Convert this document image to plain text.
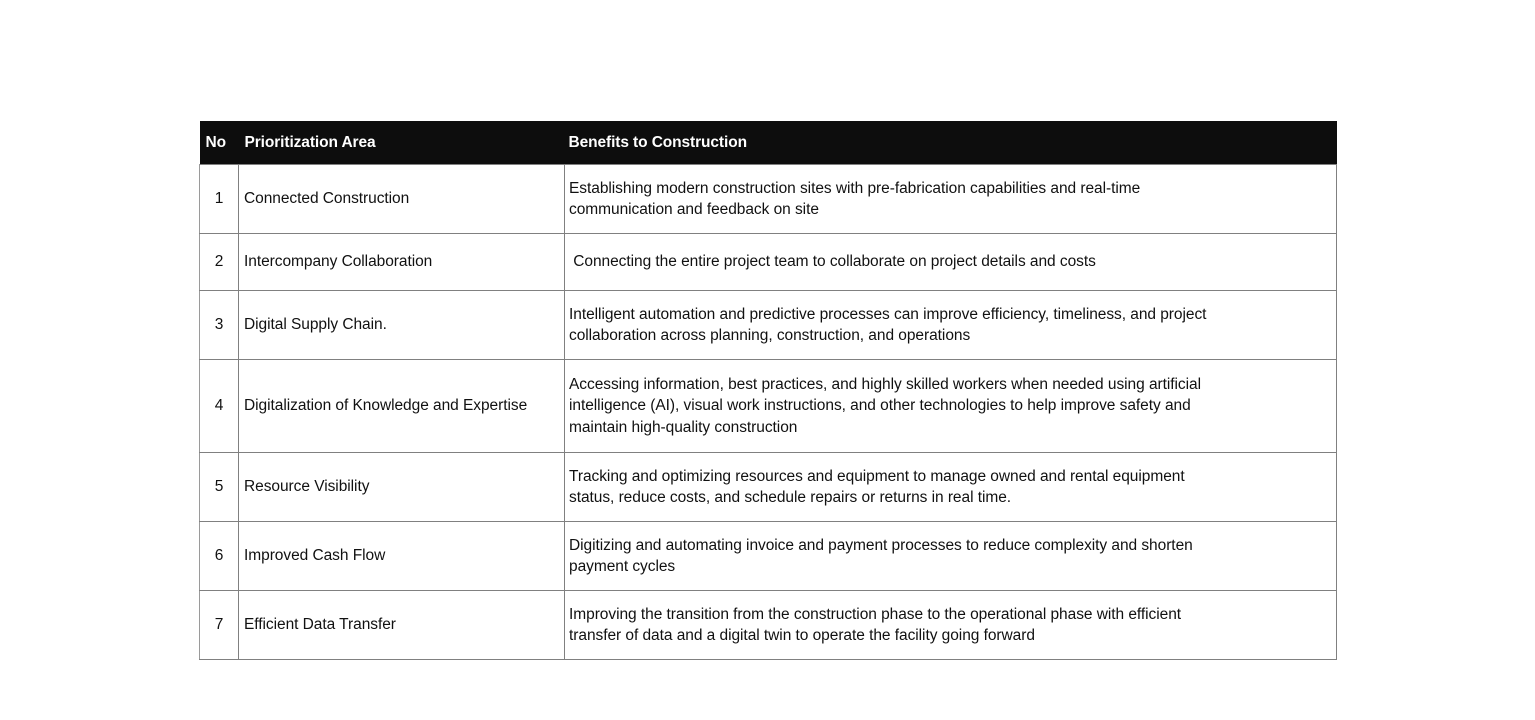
No	Prioritization Area	Benefits to Construction
1	Connected Construction	Establishing modern construction sites with pre-fabrication capabilities and real-time
communication and feedback on site

2	Intercompany Collaboration	Connecting the entire project team to collaborate on project details and costs

3	Digital Supply Chain.	Intelligent automation and predictive processes can improve efficiency, timeliness, and project
collaboration across planning, construction, and operations

4	Digitalization of Knowledge and Expertise	Accessing information, best practices, and highly skilled workers when needed using artificial
intelligence (AI), visual work instructions, and other technologies to help improve safety and
maintain high-quality construction

5	Resource Visibility	Tracking and optimizing resources and equipment to manage owned and rental equipment
status, reduce costs, and schedule repairs or returns in real time.

6	Improved Cash Flow	Digitizing and automating invoice and payment processes to reduce complexity and shorten
payment cycles

7	Efficient Data Transfer	Improving the transition from the construction phase to the operational phase with efficient
transfer of data and a digital twin to operate the facility going forward
